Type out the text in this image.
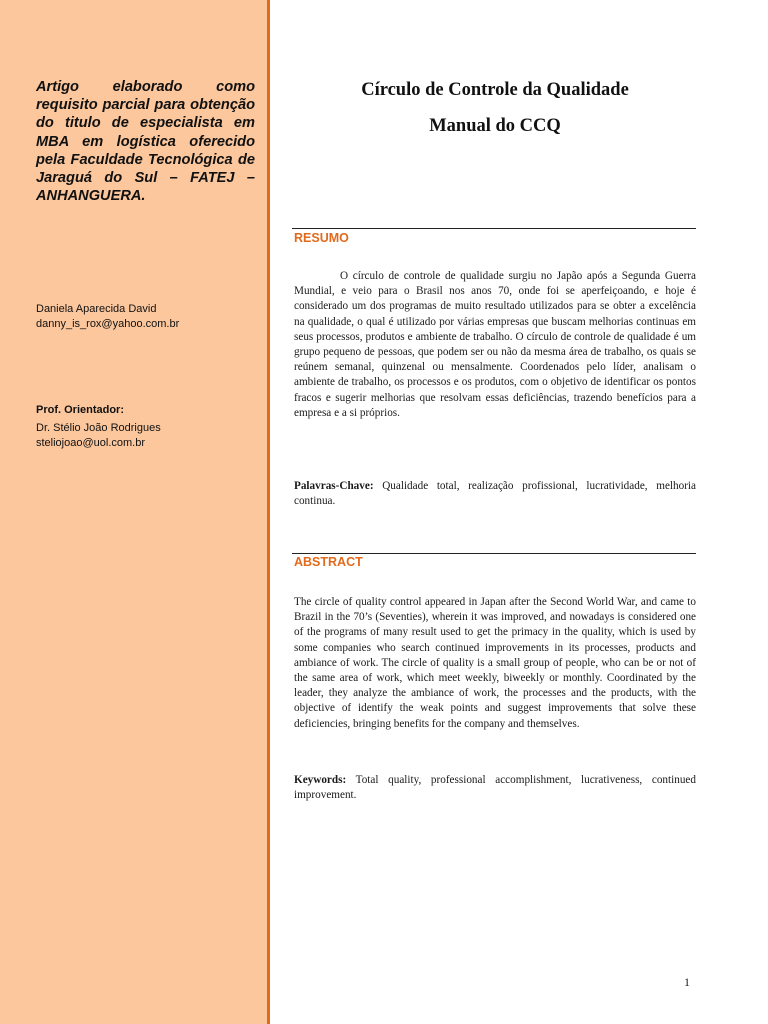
Artigo elaborado como requisito parcial para obtenção do titulo de especialista em MBA em logística oferecido pela Faculdade Tecnológica de Jaraguá do Sul – FATEJ – ANHANGUERA.

Daniela Aparecida David

danny_is_rox@yahoo.com.br

Prof. Orientador:

Dr. Stélio João Rodrigues

steliojoao@uol.com.br

Círculo de Controle da Qualidade
Manual do CCQ
RESUMO

O círculo de controle de qualidade surgiu no Japão após a Segunda Guerra Mundial, e veio para o Brasil nos anos 70, onde foi se aperfeiçoando, e hoje é considerado um dos programas de muito resultado utilizados para se obter a excelência na qualidade, o qual é utilizado por várias empresas que buscam melhorias continuas em seus processos, produtos e ambiente de trabalho. O círculo de controle de qualidade é um grupo pequeno de pessoas, que podem ser ou não da mesma área de trabalho, os quais se reúnem semanal, quinzenal ou mensalmente. Coordenados pelo líder, analisam o ambiente de trabalho, os processos e os produtos, com o objetivo de identificar os pontos fracos e sugerir melhorias que resolvam essas deficiências, trazendo benefícios para a empresa e a si próprios.

Palavras-Chave: Qualidade total, realização profissional, lucratividade, melhoria continua.

ABSTRACT

The circle of quality control appeared in Japan after the Second World War, and came to Brazil in the 70’s (Seventies), wherein it was improved, and nowadays is considered one of the programs of many result used to get the primacy in the quality, which is used by some companies who search continued improvements in its processes, products and ambiance of work. The circle of quality is a small group of people, who can be or not of the same area of work, which meet weekly, biweekly or monthly. Coordinated by the leader, they analyze the ambiance of work, the processes and the products, with the objective of identify the weak points and suggest improvements that solve these deficiencies, bringing benefits for the company and themselves.

Keywords: Total quality, professional accomplishment, lucrativeness, continued improvement.

1
